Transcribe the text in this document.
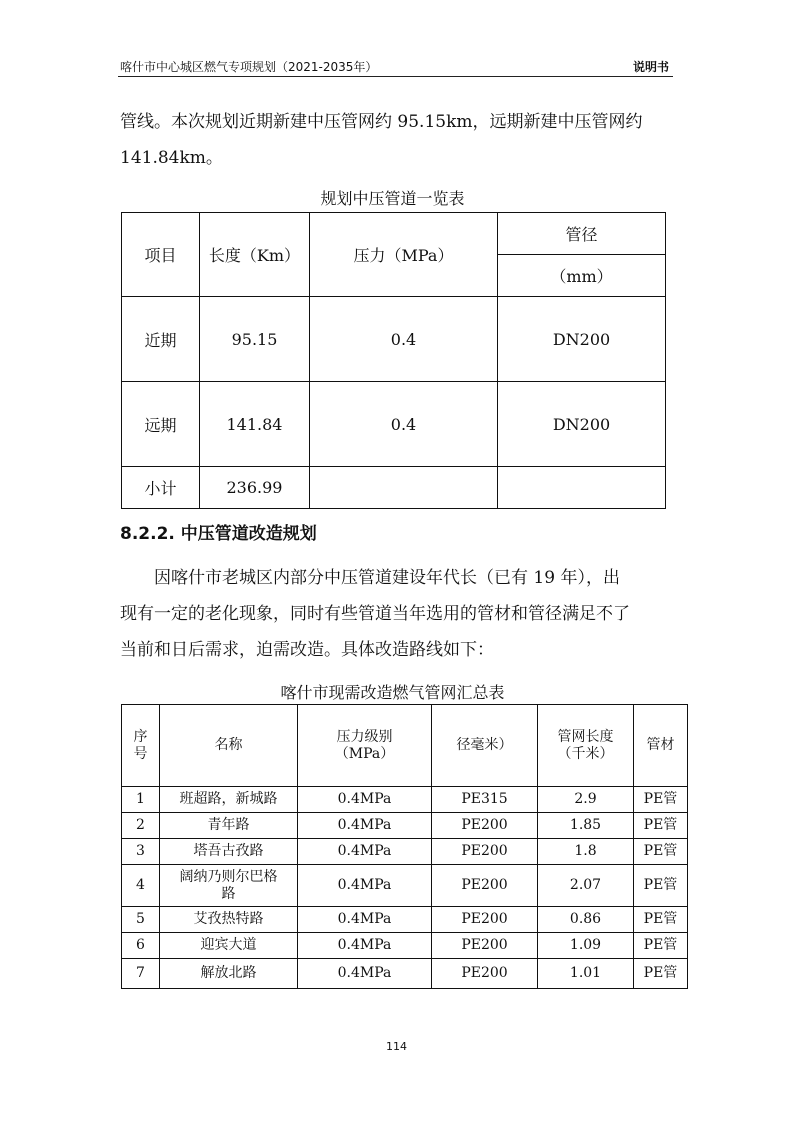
喀什市中心城区燃气专项规划（2021-2035年）	说明书

管线。本次规划近期新建中压管网约 95.15km，远期新建中压管网约

141.84km。

规划中压管道一览表
项目	长度（Km）	压力（MPa）	管径
			（mm）
近期	95.15	0.4	DN200
远期	141.84	0.4	DN200
小计	236.99		
8.2.2. 中压管道改造规划

　　因喀什市老城区内部分中压管道建设年代长（已有 19 年），出

现有一定的老化现象，同时有些管道当年选用的管材和管径满足不了

当前和日后需求，迫需改造。具体改造路线如下：

喀什市现需改造燃气管网汇总表
序号	名称	压力级别（MPa）	径毫米）	管网长度（千米）	管材
1	班超路，新城路	0.4MPa	PE315	2.9	PE管
2	青年路	0.4MPa	PE200	1.85	PE管
3	塔吾古孜路	0.4MPa	PE200	1.8	PE管
4	阔纳乃则尔巴格路	0.4MPa	PE200	2.07	PE管
5	艾孜热特路	0.4MPa	PE200	0.86	PE管
6	迎宾大道	0.4MPa	PE200	1.09	PE管
7	解放北路	0.4MPa	PE200	1.01	PE管
114
